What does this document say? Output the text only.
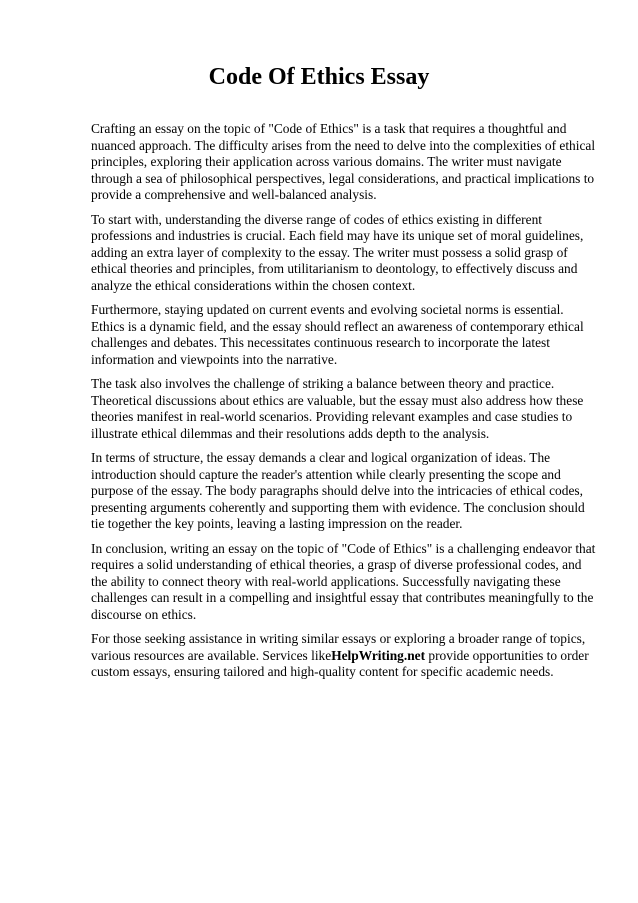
Code Of Ethics Essay

Crafting an essay on the topic of "Code of Ethics" is a task that requires a thoughtful and nuanced approach. The difficulty arises from the need to delve into the complexities of ethical principles, exploring their application across various domains. The writer must navigate through a sea of philosophical perspectives, legal considerations, and practical implications to provide a comprehensive and well-balanced analysis.

To start with, understanding the diverse range of codes of ethics existing in different professions and industries is crucial. Each field may have its unique set of moral guidelines, adding an extra layer of complexity to the essay. The writer must possess a solid grasp of ethical theories and principles, from utilitarianism to deontology, to effectively discuss and analyze the ethical considerations within the chosen context.

Furthermore, staying updated on current events and evolving societal norms is essential. Ethics is a dynamic field, and the essay should reflect an awareness of contemporary ethical challenges and debates. This necessitates continuous research to incorporate the latest information and viewpoints into the narrative.

The task also involves the challenge of striking a balance between theory and practice. Theoretical discussions about ethics are valuable, but the essay must also address how these theories manifest in real-world scenarios. Providing relevant examples and case studies to illustrate ethical dilemmas and their resolutions adds depth to the analysis.

In terms of structure, the essay demands a clear and logical organization of ideas. The introduction should capture the reader's attention while clearly presenting the scope and purpose of the essay. The body paragraphs should delve into the intricacies of ethical codes, presenting arguments coherently and supporting them with evidence. The conclusion should tie together the key points, leaving a lasting impression on the reader.

In conclusion, writing an essay on the topic of "Code of Ethics" is a challenging endeavor that requires a solid understanding of ethical theories, a grasp of diverse professional codes, and the ability to connect theory with real-world applications. Successfully navigating these challenges can result in a compelling and insightful essay that contributes meaningfully to the discourse on ethics.

For those seeking assistance in writing similar essays or exploring a broader range of topics, various resources are available. Services likeHelpWriting.net provide opportunities to order custom essays, ensuring tailored and high-quality content for specific academic needs.
